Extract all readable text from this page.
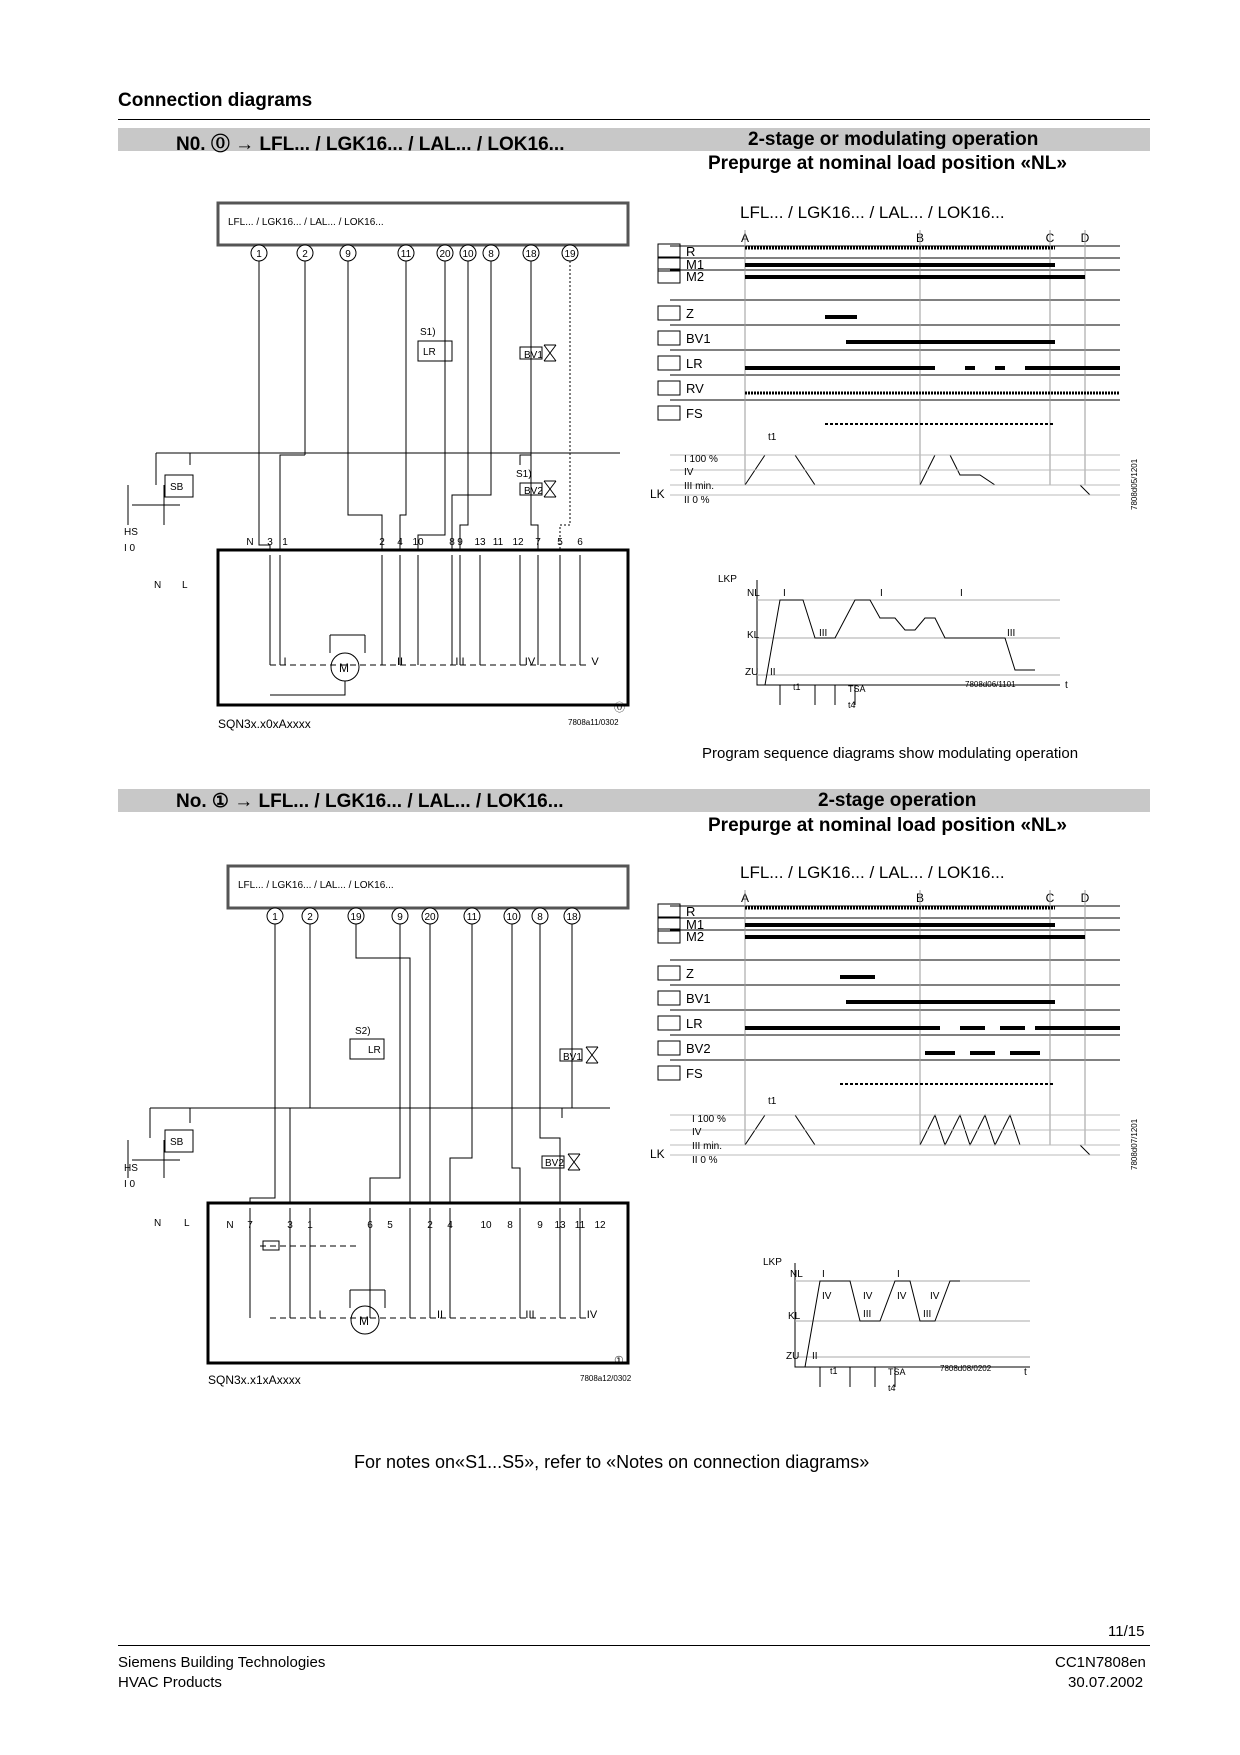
Connection diagrams
N0. ⓪ → LFL... / LGK16... / LAL... / LOK16...	2-stage or modulating operation
Prepurge at nominal load position «NL»
LFL... / LGK16... / LAL... / LOK16...
S1)
LR	BV1
S1)
BV2
SB
HS
I 0
N L
M
SQN3x.x0xAxxxx	7808a11/0302
⓪
1	2	9	11	20 10 8	18	19
N 3 1	2 4 10	8 9 13 11 12 7 5 6
I	II	III	IV	V
LFL... / LGK16... / LAL... / LOK16...
A	B	C D
R
M1
M2
Z
BV1
LR
RV
FS
I 100 %
IV
III min.
II 0 %
LK
t1
7808d05/1201
LKP
NL
KL
ZU
I	I	I
III	III
II
t1	TSA
t4
t
7808d06/1101
Program sequence diagrams show modulating operation
No. ① → LFL... / LGK16... / LAL... / LOK16...	2-stage operation
Prepurge at nominal load position «NL»
LFL... / LGK16... / LAL... / LOK16...
S2)
LR
BV1
BV2
SB
HS
I 0
N L
M
SQN3x.x1xAxxxx	7808a12/0302
①
1	2	19	9 20	11	10 8 18
N 7	3 1	6 5	2 4	10 8 9 13 11 12
I	II	III	IV
LFL... / LGK16... / LAL... / LOK16...
A	B	C D
R
M1
M2
Z
BV1
LR
BV2
FS
I 100 %
IV
III min.
II 0 %
LK
t1
7808d07/1201
LKP
NL
KL
ZU
I	I
IV	IV IV IV
III	III
II
t1	TSA
t4
t
7808d08/0202
For notes on«S1...S5», refer to «Notes on connection diagrams»
11/15
Siemens Building Technologies
HVAC Products
CC1N7808en
30.07.2002
